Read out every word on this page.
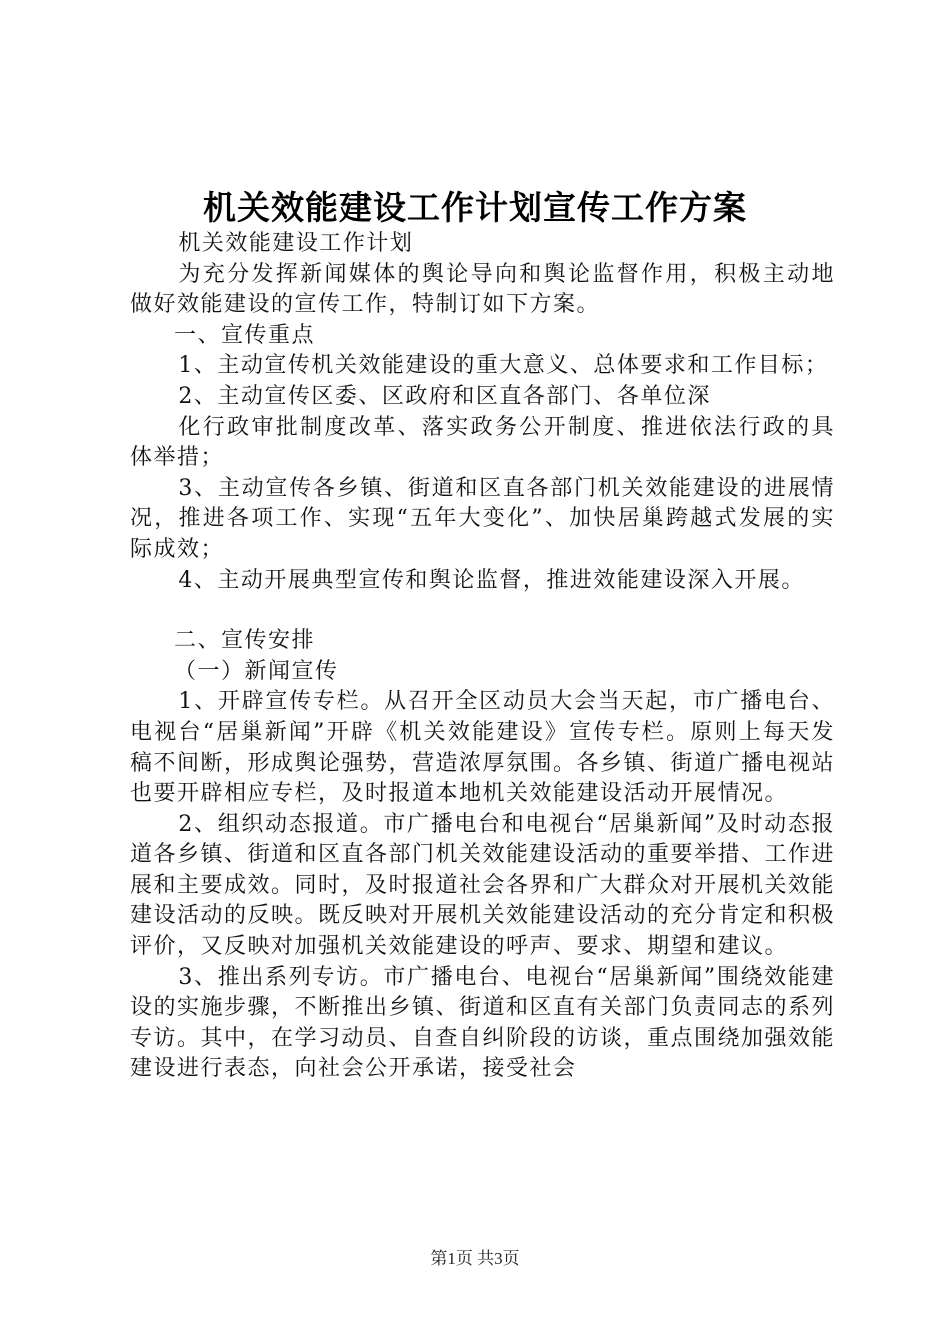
机关效能建设工作计划宣传工作方案

机关效能建设工作计划

为充分发挥新闻媒体的舆论导向和舆论监督作用，积极主动地做好效能建设的宣传工作，特制订如下方案。

一、宣传重点

1、主动宣传机关效能建设的重大意义、总体要求和工作目标；

2、主动宣传区委、区政府和区直各部门、各单位深

化行政审批制度改革、落实政务公开制度、推进依法行政的具体举措；

3、主动宣传各乡镇、街道和区直各部门机关效能建设的进展情况，推进各项工作、实现“五年大变化”、加快居巢跨越式发展的实际成效；

4、主动开展典型宣传和舆论监督，推进效能建设深入开展。

二、宣传安排

（一）新闻宣传

1、开辟宣传专栏。从召开全区动员大会当天起，市广播电台、电视台“居巢新闻”开辟《机关效能建设》宣传专栏。原则上每天发稿不间断，形成舆论强势，营造浓厚氛围。各乡镇、街道广播电视站也要开辟相应专栏，及时报道本地机关效能建设活动开展情况。

2、组织动态报道。市广播电台和电视台“居巢新闻”及时动态报道各乡镇、街道和区直各部门机关效能建设活动的重要举措、工作进展和主要成效。同时，及时报道社会各界和广大群众对开展机关效能建设活动的反映。既反映对开展机关效能建设活动的充分肯定和积极评价，又反映对加强机关效能建设的呼声、要求、期望和建议。

3、推出系列专访。市广播电台、电视台“居巢新闻”围绕效能建设的实施步骤，不断推出乡镇、街道和区直有关部门负责同志的系列专访。其中，在学习动员、自查自纠阶段的访谈，重点围绕加强效能建设进行表态，向社会公开承诺，接受社会

第1页 共3页
